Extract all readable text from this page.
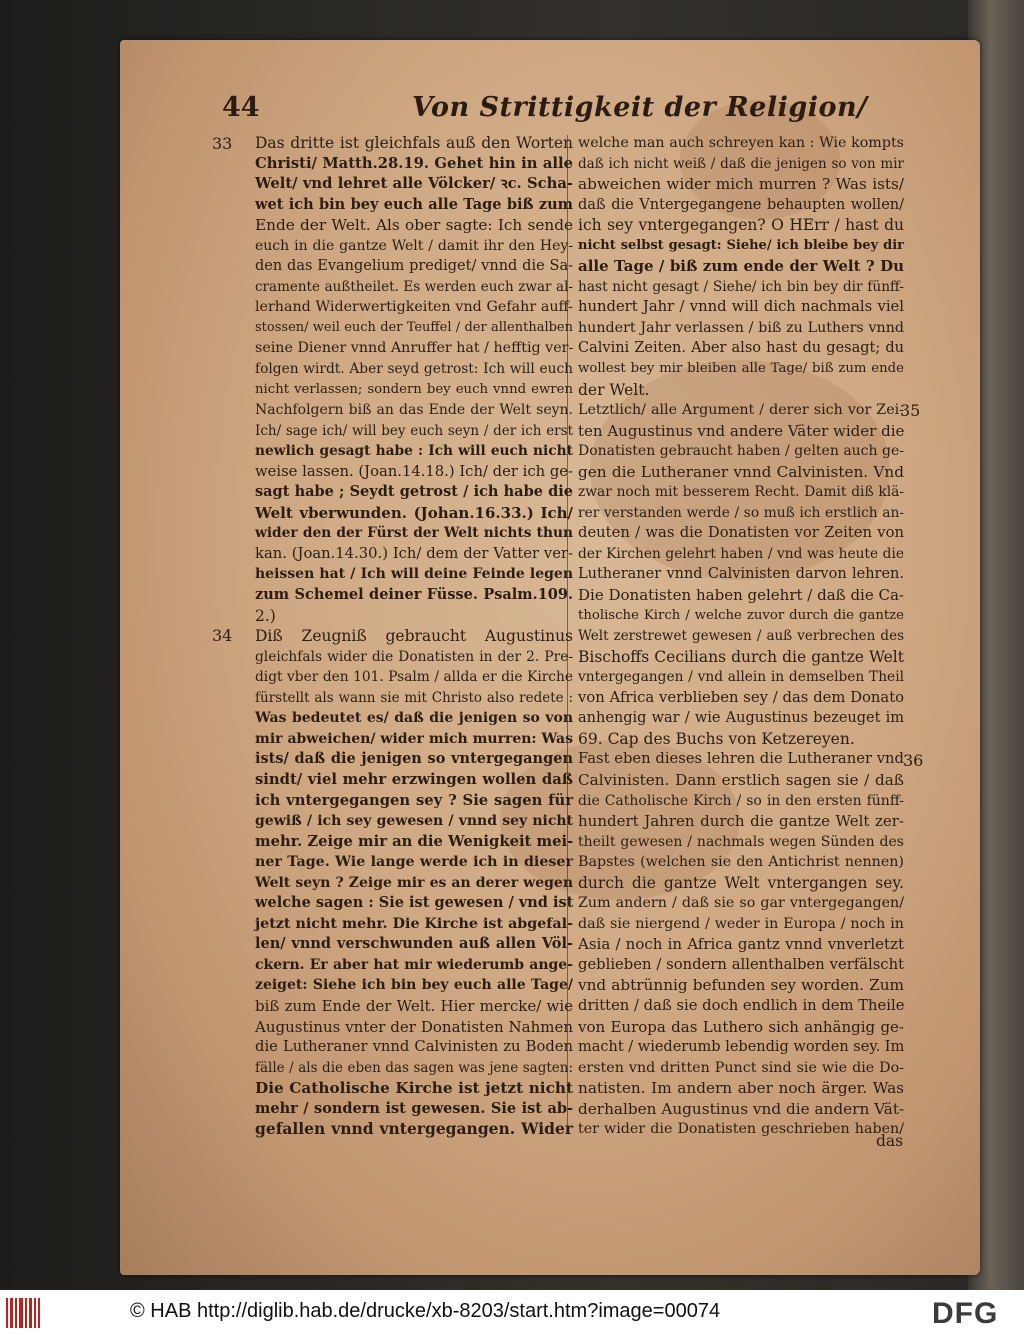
44	Von Strittigkeit der Religion/
33
34
35
36
Das dritte ist gleichfals auß den Worten
Christi/ Matth.28.19. Gehet hin in alle
Welt/ vnd lehret alle Völcker/ ꝛc. Scha-
wet ich bin bey euch alle Tage biß zum
Ende der Welt. Als ober sagte: Ich sende
euch in die gantze Welt / damit ihr den Hey-
den das Evangelium prediget/ vnnd die Sa-
cramente außtheilet. Es werden euch zwar al-
lerhand Widerwertigkeiten vnd Gefahr auff-
stossen/ weil euch der Teuffel / der allenthalben
seine Diener vnnd Anruffer hat / hefftig ver-
folgen wirdt. Aber seyd getrost: Ich will euch
nicht verlassen; sondern bey euch vnnd ewren
Nachfolgern biß an das Ende der Welt seyn.
Ich/ sage ich/ will bey euch seyn / der ich erst
newlich gesagt habe : Ich will euch nicht
weise lassen. (Joan.14.18.) Ich/ der ich ge-
sagt habe ; Seydt getrost / ich habe die
Welt vberwunden. (Johan.16.33.) Ich/
wider den der Fürst der Welt nichts thun
kan. (Joan.14.30.) Ich/ dem der Vatter ver-
heissen hat / Ich will deine Feinde legen
zum Schemel deiner Füsse. Psalm.109.
2.)
Diß Zeugniß gebraucht Augustinus
gleichfals wider die Donatisten in der 2. Pre-
digt vber den 101. Psalm / allda er die Kirche
fürstellt als wann sie mit Christo also redete :
Was bedeutet es/ daß die jenigen so von
mir abweichen/ wider mich murren: Was
ists/ daß die jenigen so vntergegangen
sindt/ viel mehr erzwingen wollen daß
ich vntergegangen sey ? Sie sagen für
gewiß / ich sey gewesen / vnnd sey nicht
mehr. Zeige mir an die Wenigkeit mei-
ner Tage. Wie lange werde ich in dieser
Welt seyn ? Zeige mir es an derer wegen
welche sagen : Sie ist gewesen / vnd ist
jetzt nicht mehr. Die Kirche ist abgefal-
len/ vnnd verschwunden auß allen Völ-
ckern. Er aber hat mir wiederumb ange-
zeiget: Siehe ich bin bey euch alle Tage/
biß zum Ende der Welt. Hier mercke/ wie
Augustinus vnter der Donatisten Nahmen
die Lutheraner vnnd Calvinisten zu Boden
fälle / als die eben das sagen was jene sagten:
Die Catholische Kirche ist jetzt nicht
mehr / sondern ist gewesen. Sie ist ab-
gefallen vnnd vntergegangen. Wider
welche man auch schreyen kan : Wie kompts
daß ich nicht weiß / daß die jenigen so von mir
abweichen wider mich murren ? Was ists/
daß die Vntergegangene behaupten wollen/
ich sey vntergegangen? O HErr / hast du
nicht selbst gesagt: Siehe/ ich bleibe bey dir
alle Tage / biß zum ende der Welt ? Du
hast nicht gesagt / Siehe/ ich bin bey dir fünff-
hundert Jahr / vnnd will dich nachmals viel
hundert Jahr verlassen / biß zu Luthers vnnd
Calvini Zeiten. Aber also hast du gesagt; du
wollest bey mir bleiben alle Tage/ biß zum ende
der Welt.
Letztlich/ alle Argument / derer sich vor Zei-
ten Augustinus vnd andere Väter wider die
Donatisten gebraucht haben / gelten auch ge-
gen die Lutheraner vnnd Calvinisten. Vnd
zwar noch mit besserem Recht. Damit diß klä-
rer verstanden werde / so muß ich erstlich an-
deuten / was die Donatisten vor Zeiten von
der Kirchen gelehrt haben / vnd was heute die
Lutheraner vnnd Calvinisten darvon lehren.
Die Donatisten haben gelehrt / daß die Ca-
tholische Kirch / welche zuvor durch die gantze
Welt zerstrewet gewesen / auß verbrechen des
Bischoffs Cecilians durch die gantze Welt
vntergegangen / vnd allein in demselben Theil
von Africa verblieben sey / das dem Donato
anhengig war / wie Augustinus bezeuget im
69. Cap des Buchs von Ketzereyen.
Fast eben dieses lehren die Lutheraner vnd
Calvinisten. Dann erstlich sagen sie / daß
die Catholische Kirch / so in den ersten fünff-
hundert Jahren durch die gantze Welt zer-
theilt gewesen / nachmals wegen Sünden des
Bapstes (welchen sie den Antichrist nennen)
durch die gantze Welt vntergangen sey.
Zum andern / daß sie so gar vntergegangen/
daß sie niergend / weder in Europa / noch in
Asia / noch in Africa gantz vnnd vnverletzt
geblieben / sondern allenthalben verfälscht
vnd abtrünnig befunden sey worden. Zum
dritten / daß sie doch endlich in dem Theile
von Europa das Luthero sich anhängig ge-
macht / wiederumb lebendig worden sey. Im
ersten vnd dritten Punct sind sie wie die Do-
natisten. Im andern aber noch ärger. Was
derhalben Augustinus vnd die andern Vät-
ter wider die Donatisten geschrieben haben/
das
© HAB http://diglib.hab.de/drucke/xb-8203/start.htm?image=00074	DFG
